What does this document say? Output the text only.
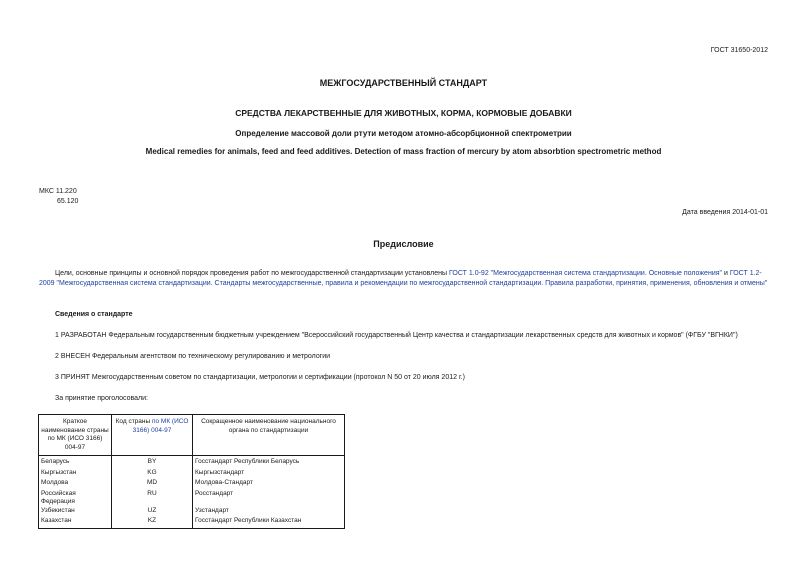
ГОСТ 31650-2012
МЕЖГОСУДАРСТВЕННЫЙ СТАНДАРТ
СРЕДСТВА ЛЕКАРСТВЕННЫЕ ДЛЯ ЖИВОТНЫХ, КОРМА, КОРМОВЫЕ ДОБАВКИ
Определение массовой доли ртути методом атомно-абсорбционной спектрометрии
Medical remedies for animals, feed and feed additives. Detection of mass fraction of mercury by atom absorbtion spectrometric method
МКС 11.220
65.120
Дата введения 2014-01-01
Предисловие
Цели, основные принципы и основной порядок проведения работ по межгосударственной стандартизации установлены ГОСТ 1.0-92 "Межгосударственная система стандартизации. Основные положения" и ГОСТ 1.2-2009 "Межгосударственная система стандартизации. Стандарты межгосударственные, правила и рекомендации по межгосударственной стандартизации. Правила разработки, принятия, применения, обновления и отмены"
Сведения о стандарте
1 РАЗРАБОТАН Федеральным государственным бюджетным учреждением "Всероссийский государственный Центр качества и стандартизации лекарственных средств для животных и кормов" (ФГБУ "ВГНКИ")
2 ВНЕСЕН Федеральным агентством по техническому регулированию и метрологии
3 ПРИНЯТ Межгосударственным советом по стандартизации, метрологии и сертификации (протокол N 50 от 20 июля 2012 г.)
За принятие проголосовали:
Краткое наименование страны по МК (ИСО 3166) 004-97	Код страны по МК (ИСО 3166) 004-97	Сокращенное наименование национального органа по стандартизации
Беларусь	BY	Госстандарт Республики Беларусь
Кыргызстан	KG	Кыргызстандарт
Молдова	MD	Молдова-Стандарт
Российская Федерация	RU	Росстандарт
Узбекистан	UZ	Узстандарт
Казахстан	KZ	Госстандарт Республики Казахстан
